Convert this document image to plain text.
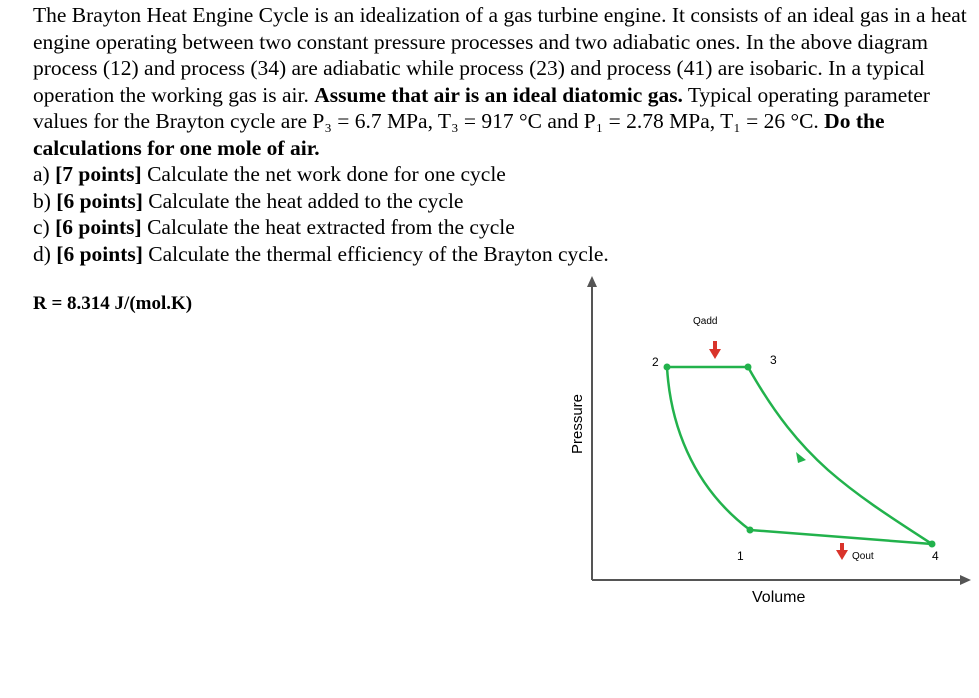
The Brayton Heat Engine Cycle is an idealization of a gas turbine engine. It consists of an ideal gas in a heat engine operating between two constant pressure processes and two adiabatic ones. In the above diagram process (12) and process (34) are adiabatic while process (23) and process (41) are isobaric. In a typical operation the working gas is air. Assume that air is an ideal diatomic gas. Typical operating parameter values for the Brayton cycle are P₃ = 6.7 MPa, T₃ = 917 °C and P₁ = 2.78 MPa, T₁ = 26 °C. Do the calculations for one mole of air.

a) [7 points] Calculate the net work done for one cycle

b) [6 points] Calculate the heat added to the cycle

c) [6 points] Calculate the heat extracted from the cycle

d) [6 points] Calculate the thermal efficiency of the Brayton cycle.

R = 8.314 J/(mol.K)
2	3
1	4
Qadd
Qout
Pressure
Volume
